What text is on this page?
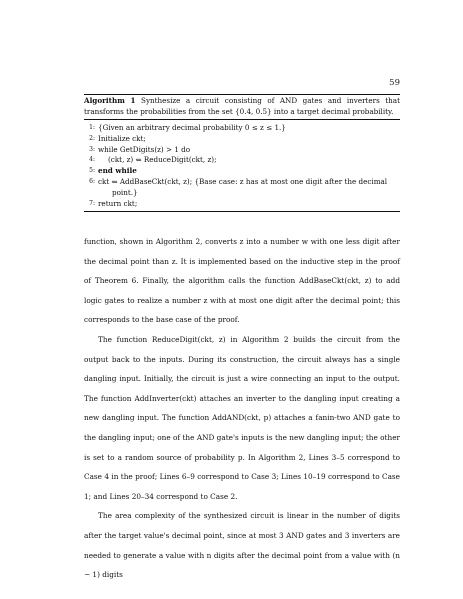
59
Algorithm 1 Synthesize a circuit consisting of AND gates and inverters that transforms the probabilities from the set {0.4, 0.5} into a target decimal probability.
1: {Given an arbitrary decimal probability 0 ≤ z ≤ 1.}
2: Initialize ckt;
3: while GetDigits(z) > 1 do
4:	(ckt, z) ⇐ ReduceDigit(ckt, z);
5: end while
6: ckt ⇐ AddBaseCkt(ckt, z); {Base case: z has at most one digit after the decimal
point.}
7: return ckt;

function, shown in Algorithm 2, converts z into a number w with one less digit after the decimal point than z. It is implemented based on the inductive step in the proof of Theorem 6. Finally, the algorithm calls the function AddBaseCkt(ckt, z) to add logic gates to realize a number z with at most one digit after the decimal point; this corresponds to the base case of the proof.

The function ReduceDigit(ckt, z) in Algorithm 2 builds the circuit from the output back to the inputs. During its construction, the circuit always has a single dangling input. Initially, the circuit is just a wire connecting an input to the output. The function AddInverter(ckt) attaches an inverter to the dangling input creating a new dangling input. The function AddAND(ckt, p) attaches a fanin-two AND gate to the dangling input; one of the AND gate's inputs is the new dangling input; the other is set to a random source of probability p. In Algorithm 2, Lines 3–5 correspond to Case 4 in the proof; Lines 6–9 correspond to Case 3; Lines 10–19 correspond to Case 1; and Lines 20–34 correspond to Case 2.

The area complexity of the synthesized circuit is linear in the number of digits after the target value's decimal point, since at most 3 AND gates and 3 inverters are needed to generate a value with n digits after the decimal point from a value with (n − 1) digits
